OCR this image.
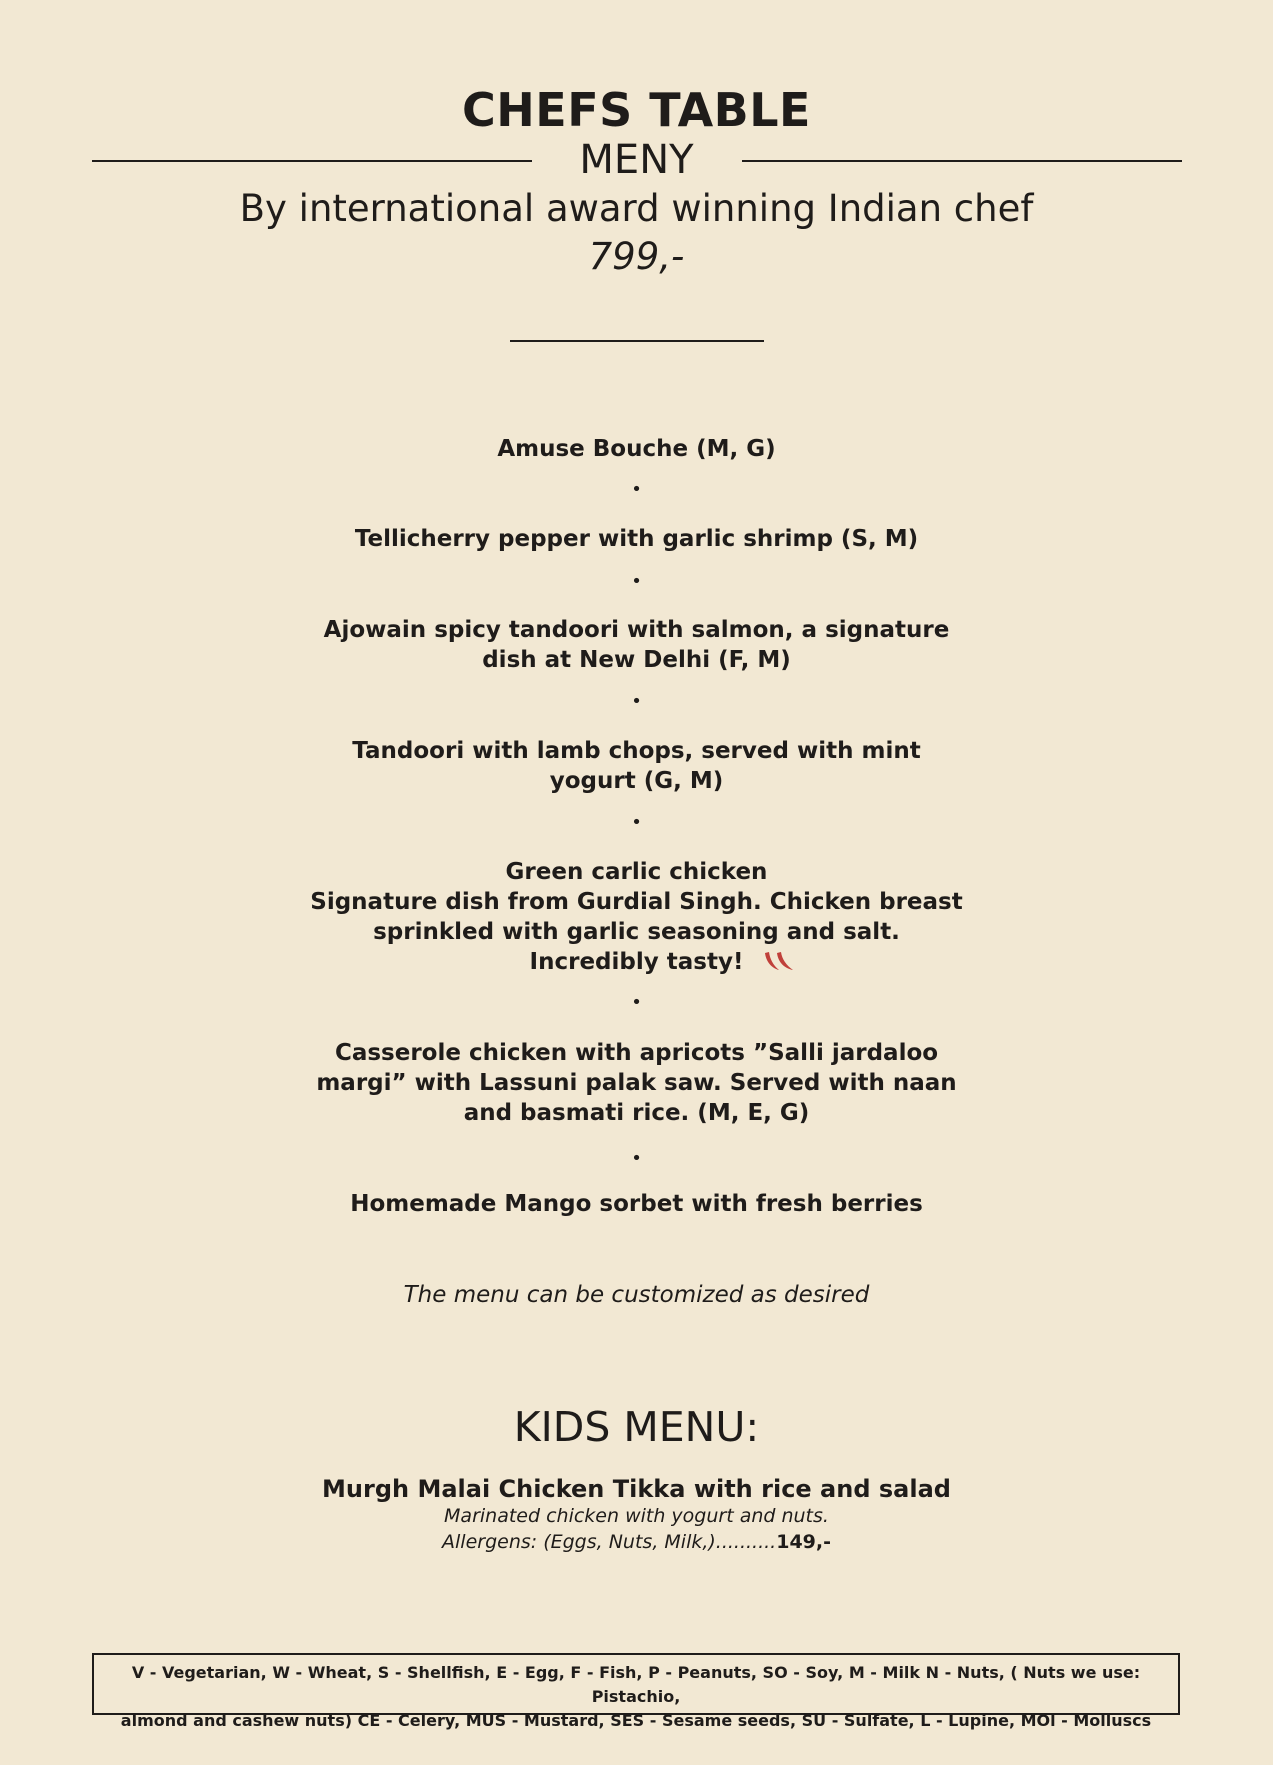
CHEFS TABLE
MENY
By international award winning Indian chef
799,-
Amuse Bouche (M, G)
•
Tellicherry pepper with garlic shrimp (S, M)
•
Ajowain spicy tandoori with salmon, a signature
dish at New Delhi (F, M)
•
Tandoori with lamb chops, served with mint
yogurt (G, M)
•
Green carlic chicken
Signature dish from Gurdial Singh. Chicken breast
sprinkled with garlic seasoning and salt.
Incredibly tasty!
•
Casserole chicken with apricots ”Salli jardaloo
margi” with Lassuni palak saw. Served with naan
and basmati rice. (M, E, G)
•
Homemade Mango sorbet with fresh berries
The menu can be customized as desired
KIDS MENU:
Murgh Malai Chicken Tikka with rice and salad
Marinated chicken with yogurt and nuts.
Allergens: (Eggs, Nuts, Milk,)..........149,-
V - Vegetarian, W - Wheat, S - Shellfish, E - Egg, F - Fish, P - Peanuts, SO - Soy, M - Milk N - Nuts, ( Nuts we use: Pistachio,
almond and cashew nuts) CE - Celery, MUS - Mustard, SES - Sesame seeds, SU - Sulfate, L - Lupine, MOl - Molluscs
